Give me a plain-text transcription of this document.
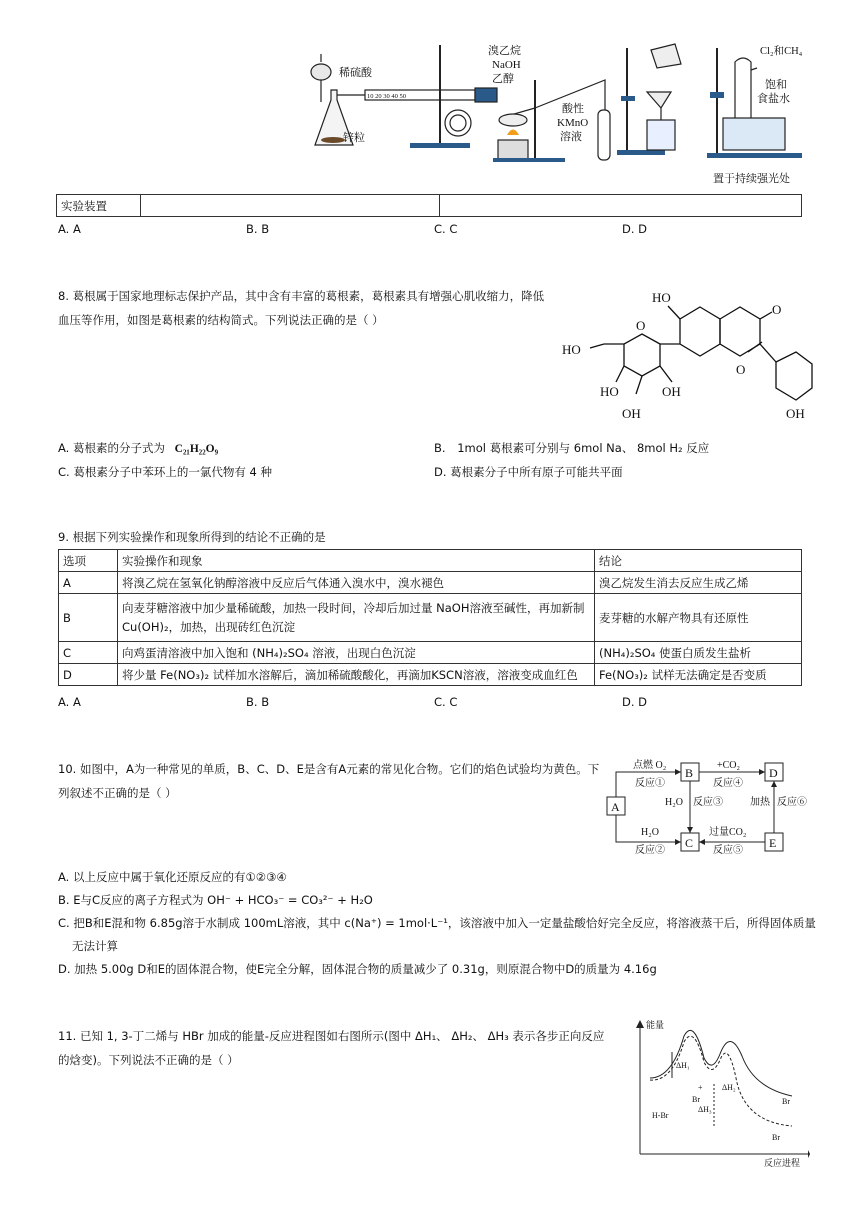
稀硫酸
锌粒
10 20 30 40 50
溴乙烷
NaOH
乙醇
酸性
KMnO
溶液
Cl₂和CH₄
饱和
食盐水
置于持续强光处
实验装置		
A. A	B. B	C. C	D. D
8. 葛根属于国家地理标志保护产品，其中含有丰富的葛根素，葛根素具有增强心肌收缩力，降低
血压等作用，如图是葛根素的结构简式。下列说法正确的是（ ）
HO
HO
HO	OH
OH
O
O
O
OH
A. 葛根素的分子式为 C₂₁H₂₂O₉	B. 1mol 葛根素可分别与 6mol Na、 8mol H₂ 反应
C. 葛根素分子中苯环上的一氯代物有 4 种	D. 葛根素分子中所有原子可能共平面
9. 根据下列实验操作和现象所得到的结论不正确的是
选项	实验操作和现象	结论
A	将溴乙烷在氢氧化钠醇溶液中反应后气体通入溴水中，溴水褪色	溴乙烷发生消去反应生成乙烯
B	向麦芽糖溶液中加少量稀硫酸，加热一段时间，冷却后加过量 NaOH溶液至碱性，再加新制
Cu(OH)₂，加热，出现砖红色沉淀	麦芽糖的水解产物具有还原性
C	向鸡蛋清溶液中加入饱和 (NH₄)₂SO₄ 溶液，出现白色沉淀	(NH₄)₂SO₄ 使蛋白质发生盐析
D	将少量 Fe(NO₃)₂ 试样加水溶解后，滴加稀硫酸酸化，再滴加KSCN溶液，溶液变成血红色	Fe(NO₃)₂ 试样无法确定是否变质
A. A	B. B	C. C	D. D
10. 如图中，A为一种常见的单质，B、C、D、E是含有A元素的常见化合物。它们的焰色试验均为黄色。下
列叙述不正确的是（ ）
A
B
C
D
E
点燃 O₂
反应①
+CO₂
反应④
H₂O 反应③	加热 反应⑥
H₂O
反应②
过量CO₂
反应⑤
A. 以上反应中属于氧化还原反应的有①②③④
B. E与C反应的离子方程式为 OH⁻ + HCO₃⁻ = CO₃²⁻ + H₂O
C. 把B和E混和物 6.85g溶于水制成 100mL溶液，其中 c(Na⁺) = 1mol·L⁻¹，该溶液中加入一定量盐酸恰好完全反应，将溶液蒸干后，所得固体质量
无法计算
D. 加热 5.00g D和E的固体混合物，使E完全分解，固体混合物的质量减少了 0.31g，则原混合物中D的质量为 4.16g
11. 已知 1, 3-丁二烯与 HBr 加成的能量-反应进程图如右图所示(图中 ΔH₁、 ΔH₂、 ΔH₃ 表示各步正向反应
的焓变)。下列说法不正确的是（ ）
能量
反应进程
ΔH₁
ΔH₂
ΔH₃
H-Br
+
Br	Br
Br
